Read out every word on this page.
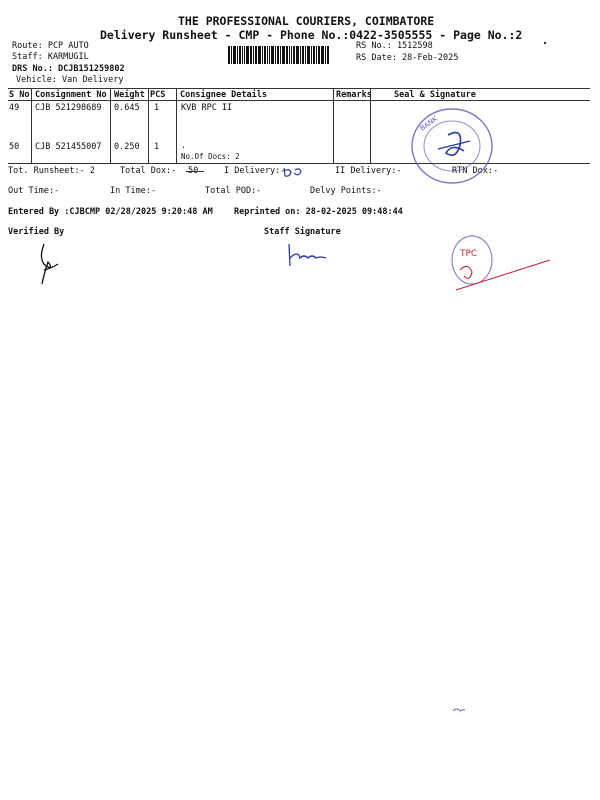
THE PROFESSIONAL COURIERS, COIMBATORE
Delivery Runsheet - CMP - Phone No.:0422-3505555 - Page No.:2
Route: PCP AUTO
Staff: KARMUGIL
DRS No.: DCJB151259802
Vehicle: Van Delivery
RS No.: 1512598
RS Date: 28-Feb-2025
S No Consignment No Weight PCS Consignee Details	Remarks	Seal & Signature
49 CJB 521298689 0.645 1	KVB RPC II
50 CJB 521455007 0.250 1	.
No.Of Docs: 2
Tot. Runsheet:- 2	Total Dox:- 50	I Delivery:-	II Delivery:-	RTN Dox:-
Out Time:-	In Time:-	Total POD:-	Delvy Points:-
Entered By :CJBCMP 02/28/2025 9:20:48 AM	Reprinted on: 28-02-2025 09:48:44
Verified By	Staff Signature
BANK
TPC
